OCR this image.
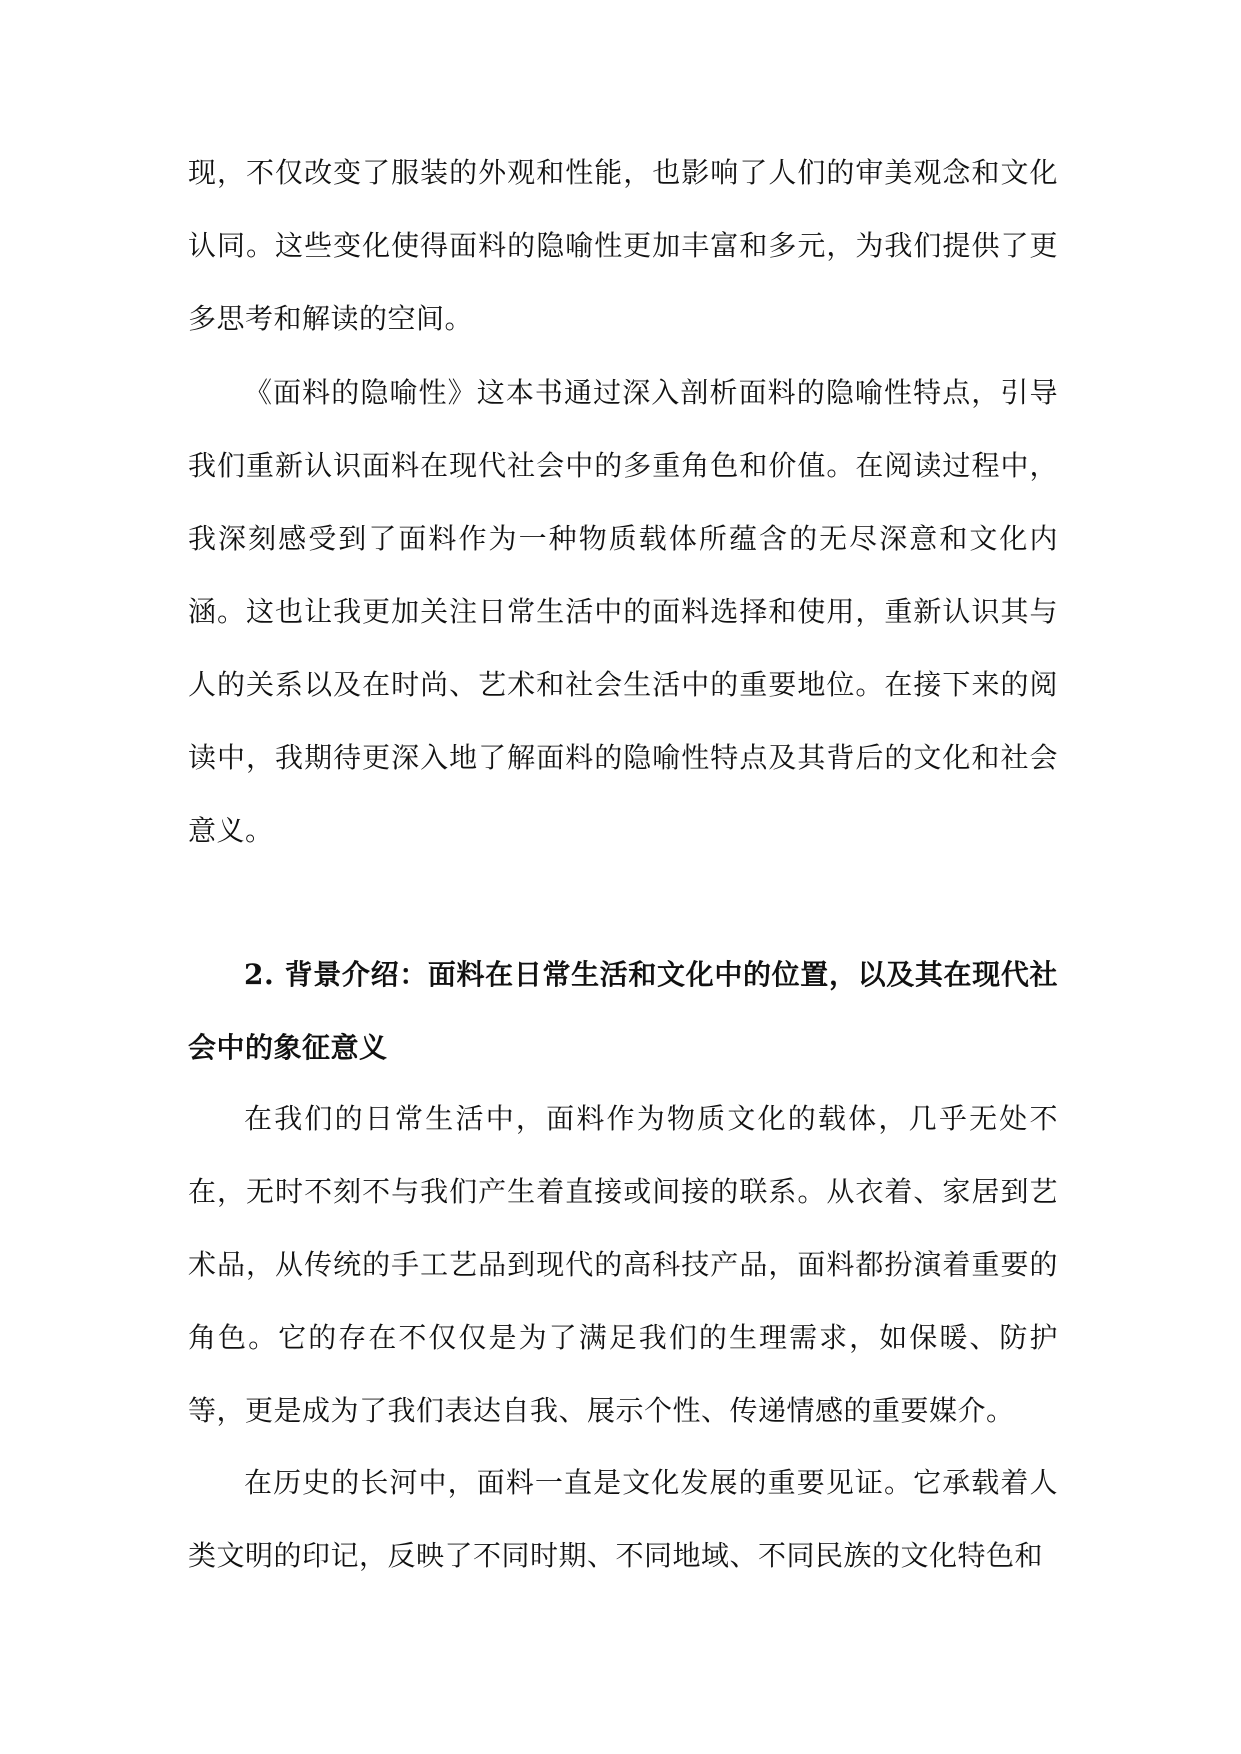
现，不仅改变了服装的外观和性能，也影响了人们的审美观念和文化认同。这些变化使得面料的隐喻性更加丰富和多元，为我们提供了更多思考和解读的空间。
《面料的隐喻性》这本书通过深入剖析面料的隐喻性特点，引导我们重新认识面料在现代社会中的多重角色和价值。在阅读过程中，我深刻感受到了面料作为一种物质载体所蕴含的无尽深意和文化内涵。这也让我更加关注日常生活中的面料选择和使用，重新认识其与人的关系以及在时尚、艺术和社会生活中的重要地位。在接下来的阅读中，我期待更深入地了解面料的隐喻性特点及其背后的文化和社会意义。
2. 背景介绍：面料在日常生活和文化中的位置，以及其在现代社会中的象征意义
在我们的日常生活中，面料作为物质文化的载体，几乎无处不在，无时不刻不与我们产生着直接或间接的联系。从衣着、家居到艺术品，从传统的手工艺品到现代的高科技产品，面料都扮演着重要的角色。它的存在不仅仅是为了满足我们的生理需求，如保暖、防护等，更是成为了我们表达自我、展示个性、传递情感的重要媒介。
在历史的长河中，面料一直是文化发展的重要见证。它承载着人类文明的印记，反映了不同时期、不同地域、不同民族的文化特色和
